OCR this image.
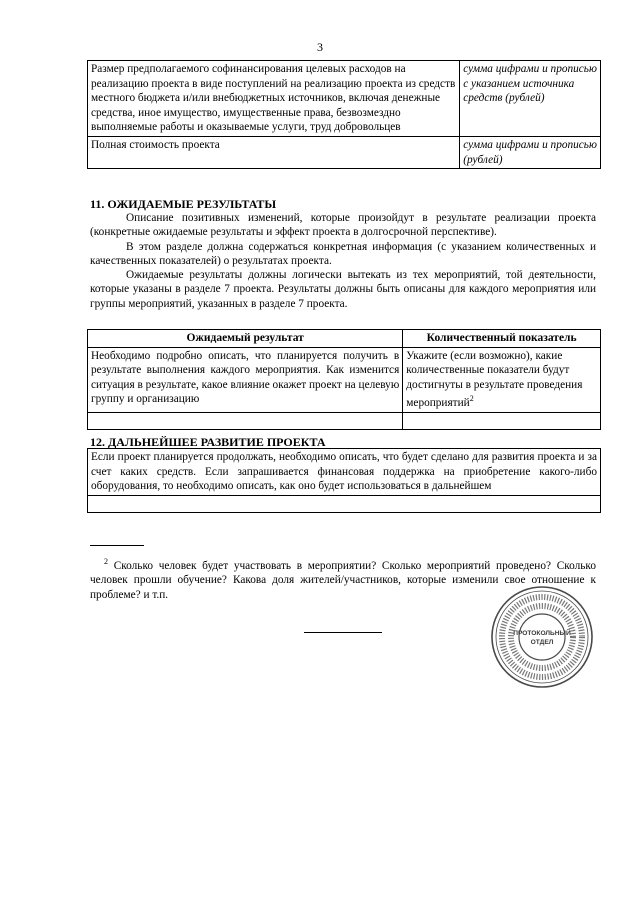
3
Размер предполагаемого софинансирования целевых расходов на реализацию проекта в виде поступлений на реализацию проекта из средств местного бюджета и/или внебюджетных источников, включая денежные средства, иное имущество, имущественные права, безвозмездно выполняемые работы и оказываемые услуги, труд добровольцев	сумма цифрами и прописью с указанием источника средств (рублей)
Полная стоимость проекта	сумма цифрами и прописью (рублей)
11. ОЖИДАЕМЫЕ РЕЗУЛЬТАТЫ

Описание позитивных изменений, которые произойдут в результате реализации проекта (конкретные ожидаемые результаты и эффект проекта в долгосрочной перспективе).

В этом разделе должна содержаться конкретная информация (с указанием количественных и качественных показателей) о результатах проекта.

Ожидаемые результаты должны логически вытекать из тех мероприятий, той деятельности, которые указаны в разделе 7 проекта. Результаты должны быть описаны для каждого мероприятия или группы мероприятий, указанных в разделе 7 проекта.

Ожидаемый результат	Количественный показатель
Необходимо подробно описать, что планируется получить в результате выполнения каждого мероприятия. Как изменится ситуация в результате, какое влияние окажет проект на целевую группу и организацию	Укажите (если возможно), какие количественные показатели будут достигнуты в результате проведения мероприятий$^2$

12. ДАЛЬНЕЙШЕЕ РАЗВИТИЕ ПРОЕКТА
Если проект планируется продолжать, необходимо описать, что будет сделано для развития проекта и за счет каких средств. Если запрашивается финансовая поддержка на приобретение какого-либо оборудования, то необходимо описать, как оно будет использоваться в дальнейшем

$^2$ Сколько человек будет участвовать в мероприятии? Сколько мероприятий проведено? Сколько человек прошли обучение? Какова доля жителей/участников, которые изменили свое отношение к проблеме? и т.п.
ПРОТОКОЛЬНЫЙ
ОТДЕЛ
